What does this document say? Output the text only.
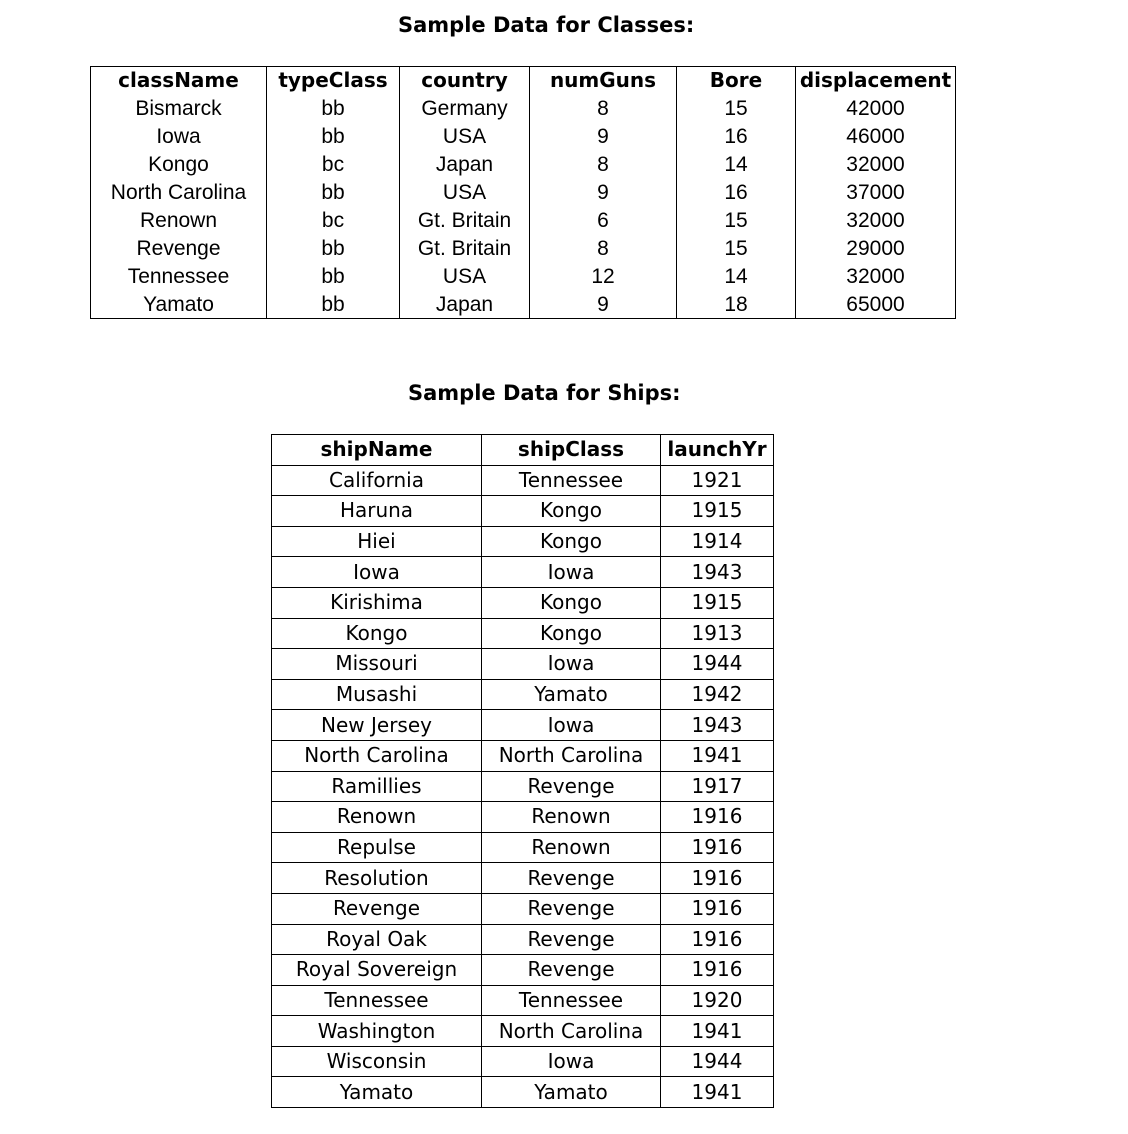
Sample Data for Classes:
className	typeClass	country	numGuns	Bore	displacement
Bismarck	bb	Germany	8	15	42000
Iowa	bb	USA	9	16	46000
Kongo	bc	Japan	8	14	32000
North Carolina	bb	USA	9	16	37000
Renown	bc	Gt. Britain	6	15	32000
Revenge	bb	Gt. Britain	8	15	29000
Tennessee	bb	USA	12	14	32000
Yamato	bb	Japan	9	18	65000
Sample Data for Ships:
shipName	shipClass	launchYr
California	Tennessee	1921
Haruna	Kongo	1915
Hiei	Kongo	1914
Iowa	Iowa	1943
Kirishima	Kongo	1915
Kongo	Kongo	1913
Missouri	Iowa	1944
Musashi	Yamato	1942
New Jersey	Iowa	1943
North Carolina	North Carolina	1941
Ramillies	Revenge	1917
Renown	Renown	1916
Repulse	Renown	1916
Resolution	Revenge	1916
Revenge	Revenge	1916
Royal Oak	Revenge	1916
Royal Sovereign	Revenge	1916
Tennessee	Tennessee	1920
Washington	North Carolina	1941
Wisconsin	Iowa	1944
Yamato	Yamato	1941
